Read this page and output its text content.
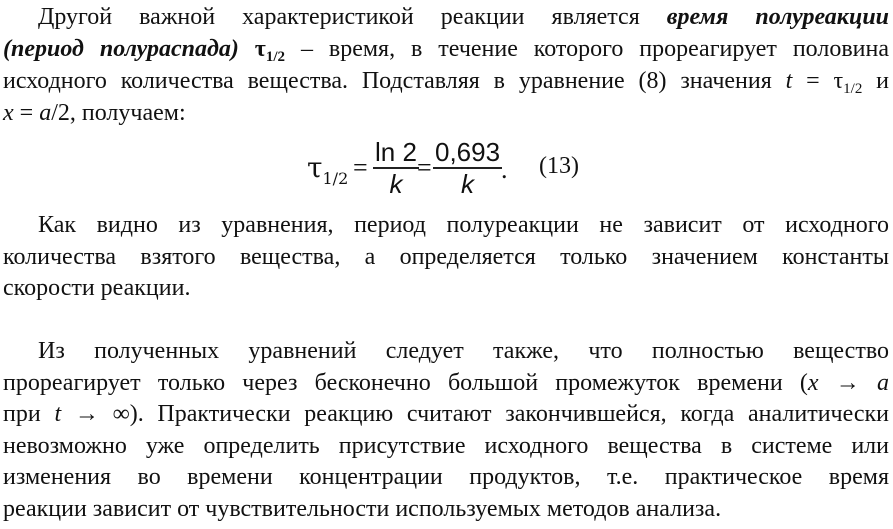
Другой важной характеристикой реакции является время полуреакции
(период полураспада) $\tau_{1/2}$ – время, в течение которого прореагирует половина
исходного количества вещества. Подставляя в уравнение (8) значения $t = \tau_{1/2}$ и
x = a/2, получаем:
$\tau_{1/2}$ =
ln 2
k
=
0,693
k	. (13)
Как видно из уравнения, период полуреакции не зависит от исходного
количества взятого вещества, а определяется только значением константы
скорости реакции.
Из полученных уравнений следует также, что полностью вещество
прореагирует только через бесконечно большой промежуток времени (x → a
при t → ∞). Практически реакцию считают закончившейся, когда аналитически
невозможно уже определить присутствие исходного вещества в системе или
изменения во времени концентрации продуктов, т.е. практическое время
реакции зависит от чувствительности используемых методов анализа.
